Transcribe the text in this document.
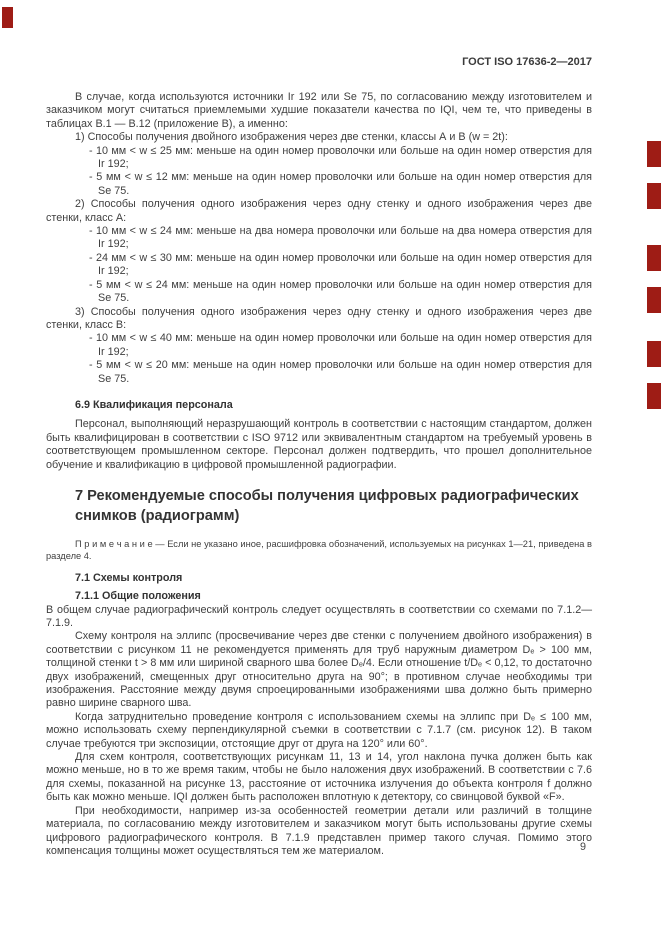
ГОСТ ISO 17636-2—2017

В случае, когда используются источники Ir 192 или Se 75, по согласованию между изготовителем и заказчиком могут считаться приемлемыми худшие показатели качества по IQI, чем те, что приведены в таблицах В.1 — В.12 (приложение В), а именно:

1) Способы получения двойного изображения через две стенки, классы А и В (w = 2t):

- 10 мм < w ≤ 25 мм: меньше на один номер проволочки или больше на один номер отверстия для Ir 192;

- 5 мм < w ≤ 12 мм: меньше на один номер проволочки или больше на один номер отверстия для Se 75.

2) Способы получения одного изображения через одну стенку и одного изображения через две стенки, класс А:

- 10 мм < w ≤ 24 мм: меньше на два номера проволочки или больше на два номера отверстия для Ir 192;

- 24 мм < w ≤ 30 мм: меньше на один номер проволочки или больше на один номер отверстия для Ir 192;

- 5 мм < w ≤ 24 мм: меньше на один номер проволочки или больше на один номер отверстия для Se 75.

3) Способы получения одного изображения через одну стенку и одного изображения через две стенки, класс В:

- 10 мм < w ≤ 40 мм: меньше на один номер проволочки или больше на один номер отверстия для Ir 192;

- 5 мм < w ≤ 20 мм: меньше на один номер проволочки или больше на один номер отверстия для Se 75.

6.9 Квалификация персонала

Персонал, выполняющий неразрушающий контроль в соответствии с настоящим стандартом, должен быть квалифицирован в соответствии с ISO 9712 или эквивалентным стандартом на требуемый уровень в соответствующем промышленном секторе. Персонал должен подтвердить, что прошел дополнительное обучение и квалификацию в цифровой промышленной радиографии.

7 Рекомендуемые способы получения цифровых радиографических снимков (радиограмм)

П р и м е ч а н и е — Если не указано иное, расшифровка обозначений, используемых на рисунках 1—21, приведена в разделе 4.

7.1 Схемы контроля

7.1.1 Общие положения

В общем случае радиографический контроль следует осуществлять в соответствии со схемами по 7.1.2—7.1.9.

Схему контроля на эллипс (просвечивание через две стенки с получением двойного изображения) в соответствии с рисунком 11 не рекомендуется применять для труб наружным диаметром Dₑ > 100 мм, толщиной стенки t > 8 мм или шириной сварного шва более Dₑ/4. Если отношение t/Dₑ < 0,12, то достаточно двух изображений, смещенных друг относительно друга на 90°; в противном случае необходимы три изображения. Расстояние между двумя спроецированными изображениями шва должно быть примерно равно ширине сварного шва.

Когда затруднительно проведение контроля с использованием схемы на эллипс при Dₑ ≤ 100 мм, можно использовать схему перпендикулярной съемки в соответствии с 7.1.7 (см. рисунок 12). В таком случае требуются три экспозиции, отстоящие друг от друга на 120° или 60°.

Для схем контроля, соответствующих рисункам 11, 13 и 14, угол наклона пучка должен быть как можно меньше, но в то же время таким, чтобы не было наложения двух изображений. В соответствии с 7.6 для схемы, показанной на рисунке 13, расстояние от источника излучения до объекта контроля f должно быть как можно меньше. IQI должен быть расположен вплотную к детектору, со свинцовой буквой «F».

При необходимости, например из-за особенностей геометрии детали или различий в толщине материала, по согласованию между изготовителем и заказчиком могут быть использованы другие схемы цифрового радиографического контроля. В 7.1.9 представлен пример такого случая. Помимо этого компенсация толщины может осуществляться тем же материалом.	9
